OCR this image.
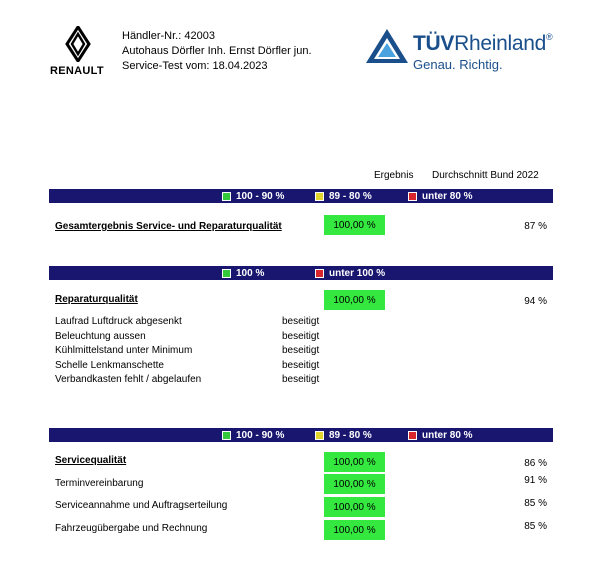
RENAULT
Händler-Nr.: 42003
Autohaus Dörfler Inh. Ernst Dörfler jun.
Service-Test vom: 18.04.2023
TÜVRheinland®
Genau. Richtig.
Ergebnis Durchschnitt Bund 2022
100 - 90 %	89 - 80 %	unter 80 %
Gesamtergebnis Service- und Reparaturqualität	100,00 %	87 %
100 %	unter 100 %
Reparaturqualität	100,00 %	94 %
Laufrad Luftdruck abgesenkt	beseitigt
Beleuchtung aussen	beseitigt
Kühlmittelstand unter Minimum	beseitigt
Schelle Lenkmanschette	beseitigt
Verbandkasten fehlt / abgelaufen	beseitigt
100 - 90 %	89 - 80 %	unter 80 %
Servicequalität	100,00 %	86 %
Terminvereinbarung	100,00 %	91 %
Serviceannahme und Auftragserteilung	100,00 %	85 %
Fahrzeugübergabe und Rechnung	100,00 %	85 %
